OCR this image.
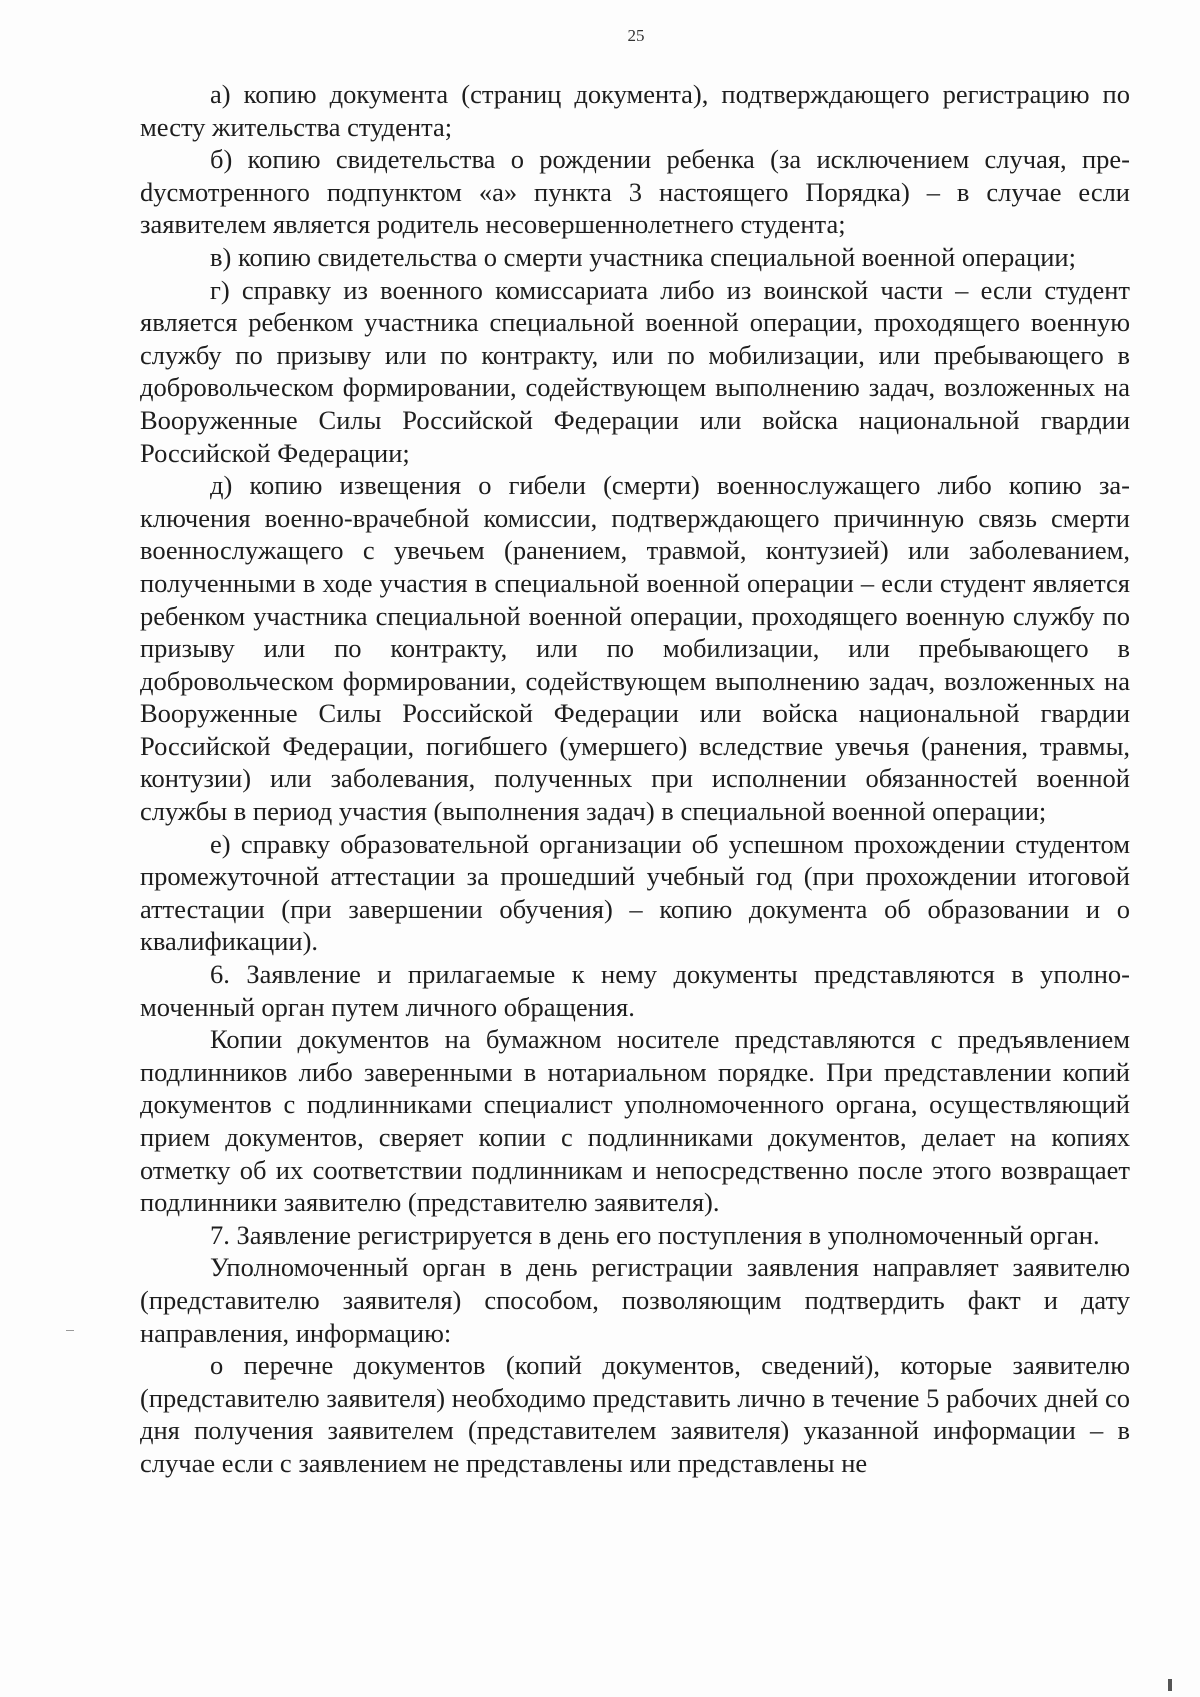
25

а) копию документа (страниц документа), подтверждающего регистрацию по месту жительства студента;

б) копию свидетельства о рождении ребенка (за исключением случая, преdусмотренного подпунктом «а» пункта 3 настоящего Порядка) – в случае если заявителем является родитель несовершеннолетнего студента;

в) копию свидетельства о смерти участника специальной военной операции;

г) справку из военного комиссариата либо из воинской части – если студент является ребенком участника специальной военной операции, проходящего военную службу по призыву или по контракту, или по мобилизации, или пребывающего в добровольческом формировании, содействующем выполнению задач, возложенных на Вооруженные Силы Российской Федерации или войска национальной гвардии Российской Федерации;

д) копию извещения о гибели (смерти) военнослужащего либо копию заключения военно-врачебной комиссии, подтверждающего причинную связь смерти военнослужащего с увечьем (ранением, травмой, контузией) или заболеванием, полученными в ходе участия в специальной военной операции – если студент является ребенком участника специальной военной операции, проходящего военную службу по призыву или по контракту, или по мобилизации, или пребывающего в добровольческом формировании, содействующем выполнению задач, возложенных на Вооруженные Силы Российской Федерации или войска национальной гвардии Российской Федерации, погибшего (умершего) вследствие увечья (ранения, травмы, контузии) или заболевания, полученных при исполнении обязанностей военной службы в период участия (выполнения задач) в специальной военной операции;

е) справку образовательной организации об успешном прохождении студентом промежуточной аттестации за прошедший учебный год (при прохождении итоговой аттестации (при завершении обучения) – копию документа об образовании и о квалификации).

6. Заявление и прилагаемые к нему документы представляются в уполномоченный орган путем личного обращения.

Копии документов на бумажном носителе представляются с предъявлением подлинников либо заверенными в нотариальном порядке. При представлении копий документов с подлинниками специалист уполномоченного органа, осуществляющий прием документов, сверяет копии с подлинниками документов, делает на копиях отметку об их соответствии подлинникам и непосредственно после этого возвращает подлинники заявителю (представителю заявителя).

7. Заявление регистрируется в день его поступления в уполномоченный орган.

Уполномоченный орган в день регистрации заявления направляет заявителю (представителю заявителя) способом, позволяющим подтвердить факт и дату направления, информацию:

о перечне документов (копий документов, сведений), которые заявителю (представителю заявителя) необходимо представить лично в течение 5 рабочих дней со дня получения заявителем (представителем заявителя) указанной информации – в случае если с заявлением не представлены или представлены не
